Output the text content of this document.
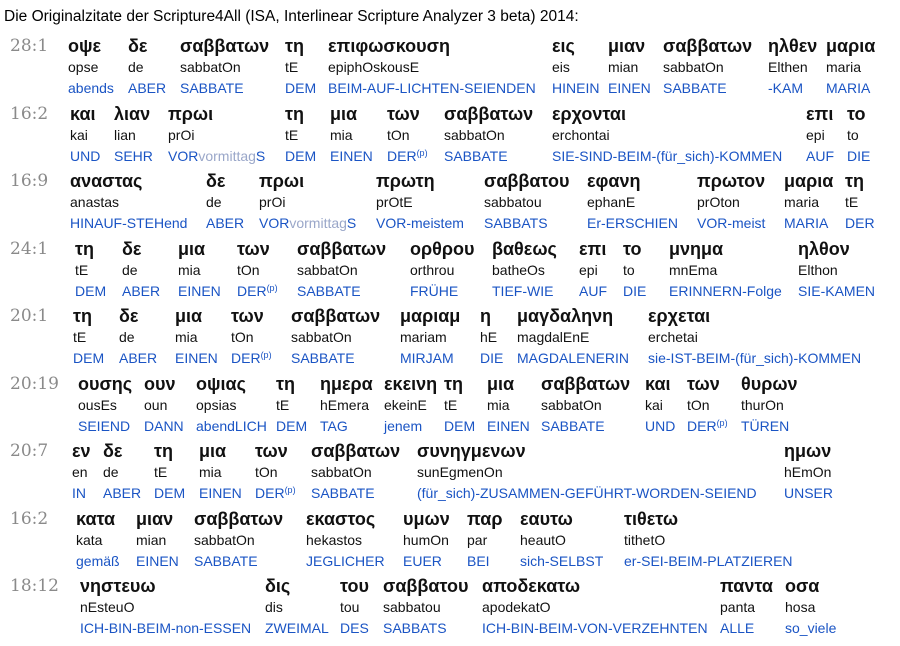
Die Originalzitate der Scripture4All (ISA, Interlinear Scripture Analyzer 3 beta) 2014:
28:1 οψε
opse
abends
δε
de
ABER
σαββατων
sabbatOn
SABBATE
τη
tE
DEM
επιφωσκουση
epiphOskousE
BEIM-AUF-LICHTEN-SEIENDEN
εις
eis
HINEIN
μιαν
mian
EINEN
σαββατων
sabbatOn
SABBATE
ηλθεν
Elthen
-KAM
μαρια
maria
MARIA
16:2 και
kai
UND
λιαν
lian
SEHR
πρωι
prOi
VORvormittagS
τη
tE
DEM
μια
mia
EINEN
των
tOn
DER$^{(p)}$
σαββατων
sabbatOn
SABBATE
ερχονται
erchontai
SIE-SIND-BEIM-(für_sich)-KOMMEN
επι
epi
AUF
το
to
DIE
16:9 αναστας
anastas
HINAUF-STEHend
δε
de
ABER
πρωι
prOi
VORvormittagS
πρωτη
prOtE
VOR-meistem
σαββατου
sabbatou
SABBATS
εφανη
ephanE
Er-ERSCHIEN
πρωτον
prOton
VOR-meist
μαρια
maria
MARIA
τη
tE
DER
24:1 τη
tE
DEM
δε
de
ABER
μια
mia
EINEN
των
tOn
DER$^{(p)}$
σαββατων
sabbatOn
SABBATE
ορθρου
orthrou
FRÜHE
βαθεως
batheOs
TIEF-WIE
επι
epi
AUF
το
to
DIE
μνημα
mnEma
ERINNERN-Folge
ηλθον
Elthon
SIE-KAMEN
20:1 τη
tE
DEM
δε
de
ABER
μια
mia
EINEN
των
tOn
DER$^{(p)}$
σαββατων
sabbatOn
SABBATE
μαριαμ
mariam
MIRJAM
η
hE
DIE
μαγδαληνη
magdalEnE
MAGDALENERIN
ερχεται
erchetai
sie-IST-BEIM-(für_sich)-KOMMEN
20:19 ουσης
ousEs
SEIEND
ουν
oun
DANN
οψιας
opsias
abendLICH
τη
tE
DEM
ημερα
hEmera
TAG
εκεινη
ekeinE
jenem
τη
tE
DEM
μια
mia
EINEN
σαββατων
sabbatOn
SABBATE
και
kai
UND
των
tOn
DER$^{(p)}$
θυρων
thurOn
TÜREN
20:7 εν
en
IN
δε
de
ABER
τη
tE
DEM
μια
mia
EINEN
των
tOn
DER$^{(p)}$
σαββατων
sabbatOn
SABBATE
συνηγμενων
sunEgmenOn
(für_sich)-ZUSAMMEN-GEFÜHRT-WORDEN-SEIEND
ημων
hEmOn
UNSER
16:2 κατα
kata
gemäß
μιαν
mian
EINEN
σαββατων
sabbatOn
SABBATE
εκαστος
hekastos
JEGLICHER
υμων
humOn
EUER
παρ
par
BEI
εαυτω
heautO
sich-SELBST
τιθετω
tithetO
er-SEI-BEIM-PLATZIEREN
18:12 νηστευω
nEsteuO
ICH-BIN-BEIM-non-ESSEN
δις
dis
ZWEIMAL
του
tou
DES
σαββατου
sabbatou
SABBATS
αποδεκατω
apodekatO
ICH-BIN-BEIM-VON-VERZEHNTEN
παντα
panta
ALLE
οσα
hosa
so_viele
